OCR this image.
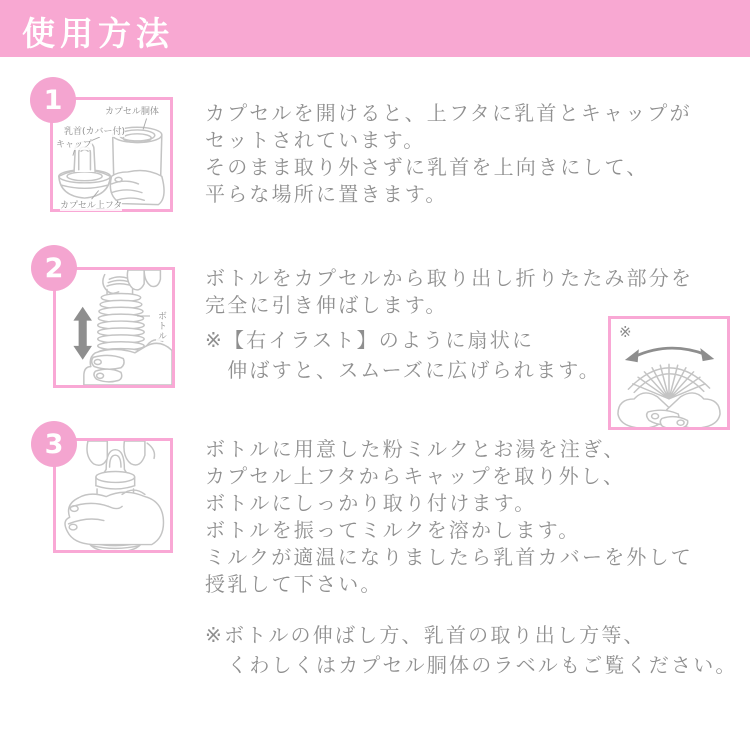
使用方法
1	カプセル胴体
乳首(カバー付)
キャップ
カプセル上フタ
カプセルを開けると、上フタに乳首とキャップが
セットされています。
そのまま取り外さずに乳首を上向きにして、
平らな場所に置きます。
2
ボトル
ボトルをカプセルから取り出し折りたたみ部分を
完全に引き伸ばします。
※【右イラスト】のように扇状に
　伸ばすと、スムーズに広げられます。
※
3	ボトルに用意した粉ミルクとお湯を注ぎ、
カプセル上フタからキャップを取り外し、
ボトルにしっかり取り付けます。
ボトルを振ってミルクを溶かします。
ミルクが適温になりましたら乳首カバーを外して
授乳して下さい。
※ボトルの伸ばし方、乳首の取り出し方等、
　くわしくはカプセル胴体のラベルもご覧ください。
